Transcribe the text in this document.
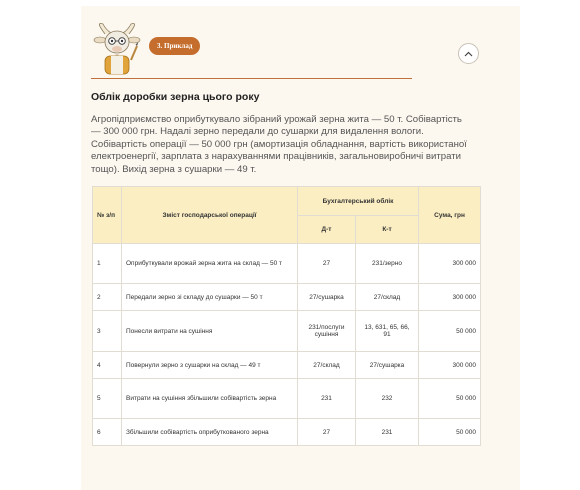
3. Приклад
Облік доробки зерна цього року
Агропідприємство оприбуткувало зібраний урожай зерна жита — 50 т. Собівартість — 300 000 грн. Надалі зерно передали до сушарки для видалення вологи. Собівартість операції — 50 000 грн (амортизація обладнання, вартість використаної електроенергії, зарплата з нарахуваннями працівників, загальновиробничі витрати тощо). Вихід зерна з сушарки — 49 т.
№ з/п	Зміст господарської операції	Бухгалтерський облік		Сума, грн
		Д-т	К-т	
1	Оприбуткували врожай зерна жита на склад — 50 т	27	231/зерно	300 000
2	Передали зерно зі складу до сушарки — 50 т	27/сушарка	27/склад	300 000
3	Понесли витрати на сушіння	231/послуги сушіння	13, 631, 65, 66, 91	50 000
4	Повернули зерно з сушарки на склад — 49 т	27/склад	27/сушарка	300 000
5	Витрати на сушіння збільшили собівартість зерна	231	232	50 000
6	Збільшили собівартість оприбуткованого зерна	27	231	50 000
